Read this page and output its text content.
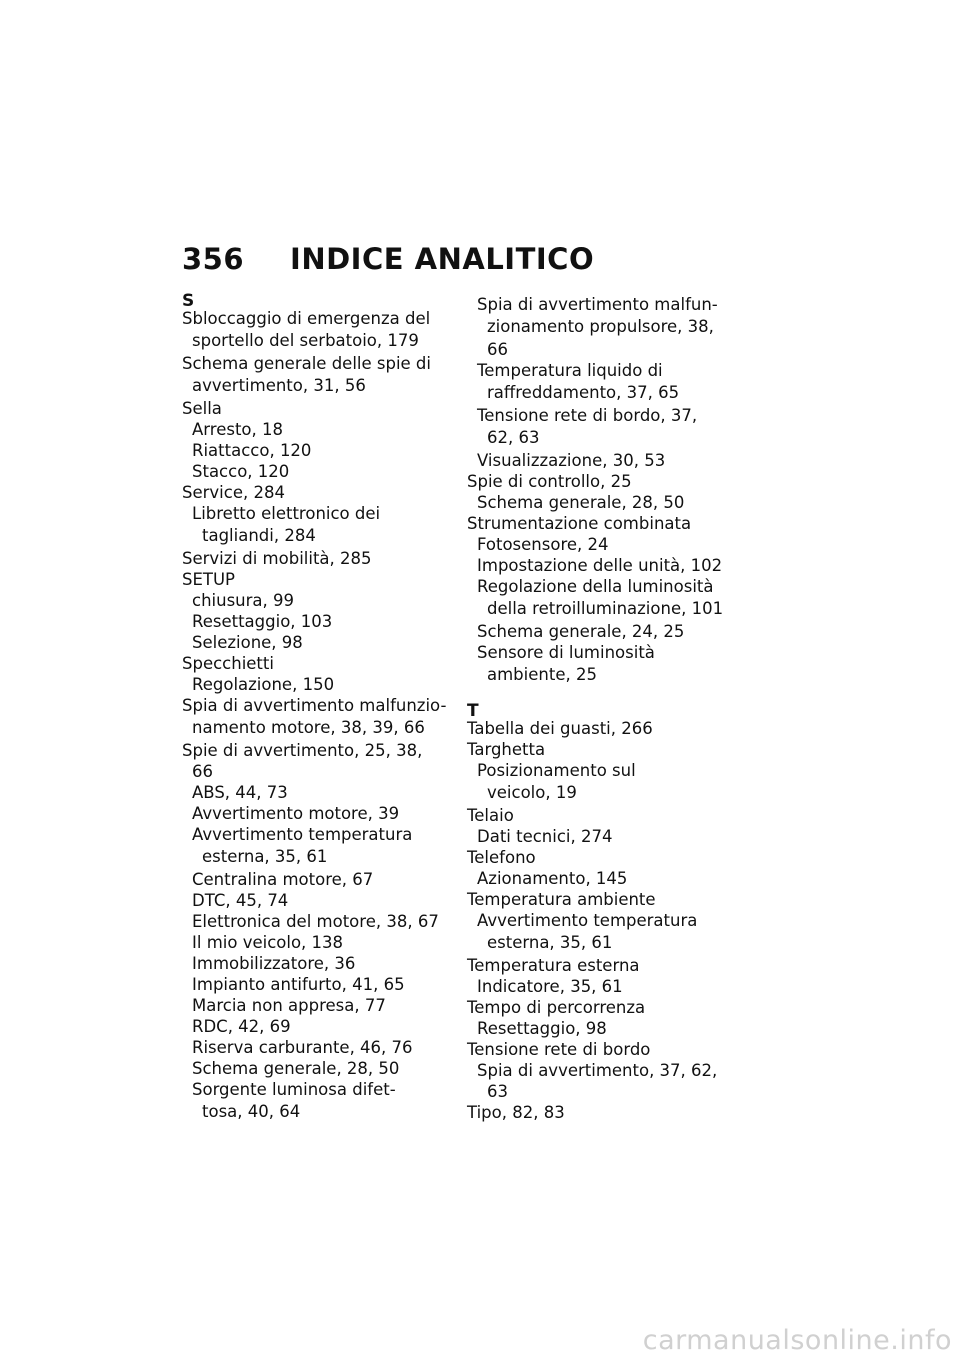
356 INDICE ANALITICO
S
Sbloccaggio di emergenza del
sportello del serbatoio, 179
Schema generale delle spie di
avvertimento, 31, 56
Sella
Arresto, 18
Riattacco, 120
Stacco, 120
Service, 284
Libretto elettronico dei
tagliandi, 284
Servizi di mobilità, 285
SETUP
chiusura, 99
Resettaggio, 103
Selezione, 98
Specchietti
Regolazione, 150
Spia di avvertimento malfunzio-
namento motore, 38, 39, 66
Spie di avvertimento, 25, 38,
66
ABS, 44, 73
Avvertimento motore, 39
Avvertimento temperatura
esterna, 35, 61
Centralina motore, 67
DTC, 45, 74
Elettronica del motore, 38, 67
Il mio veicolo, 138
Immobilizzatore, 36
Impianto antifurto, 41, 65
Marcia non appresa, 77
RDC, 42, 69
Riserva carburante, 46, 76
Schema generale, 28, 50
Sorgente luminosa difet-
tosa, 40, 64
Spia di avvertimento malfun-
zionamento propulsore, 38,
66
Temperatura liquido di
raffreddamento, 37, 65
Tensione rete di bordo, 37,
62, 63
Visualizzazione, 30, 53
Spie di controllo, 25
Schema generale, 28, 50
Strumentazione combinata
Fotosensore, 24
Impostazione delle unità, 102
Regolazione della luminosità
della retroilluminazione, 101
Schema generale, 24, 25
Sensore di luminosità
ambiente, 25
T
Tabella dei guasti, 266
Targhetta
Posizionamento sul
veicolo, 19
Telaio
Dati tecnici, 274
Telefono
Azionamento, 145
Temperatura ambiente
Avvertimento temperatura
esterna, 35, 61
Temperatura esterna
Indicatore, 35, 61
Tempo di percorrenza
Resettaggio, 98
Tensione rete di bordo
Spia di avvertimento, 37, 62,
63
Tipo, 82, 83
carmanualsonline.info
